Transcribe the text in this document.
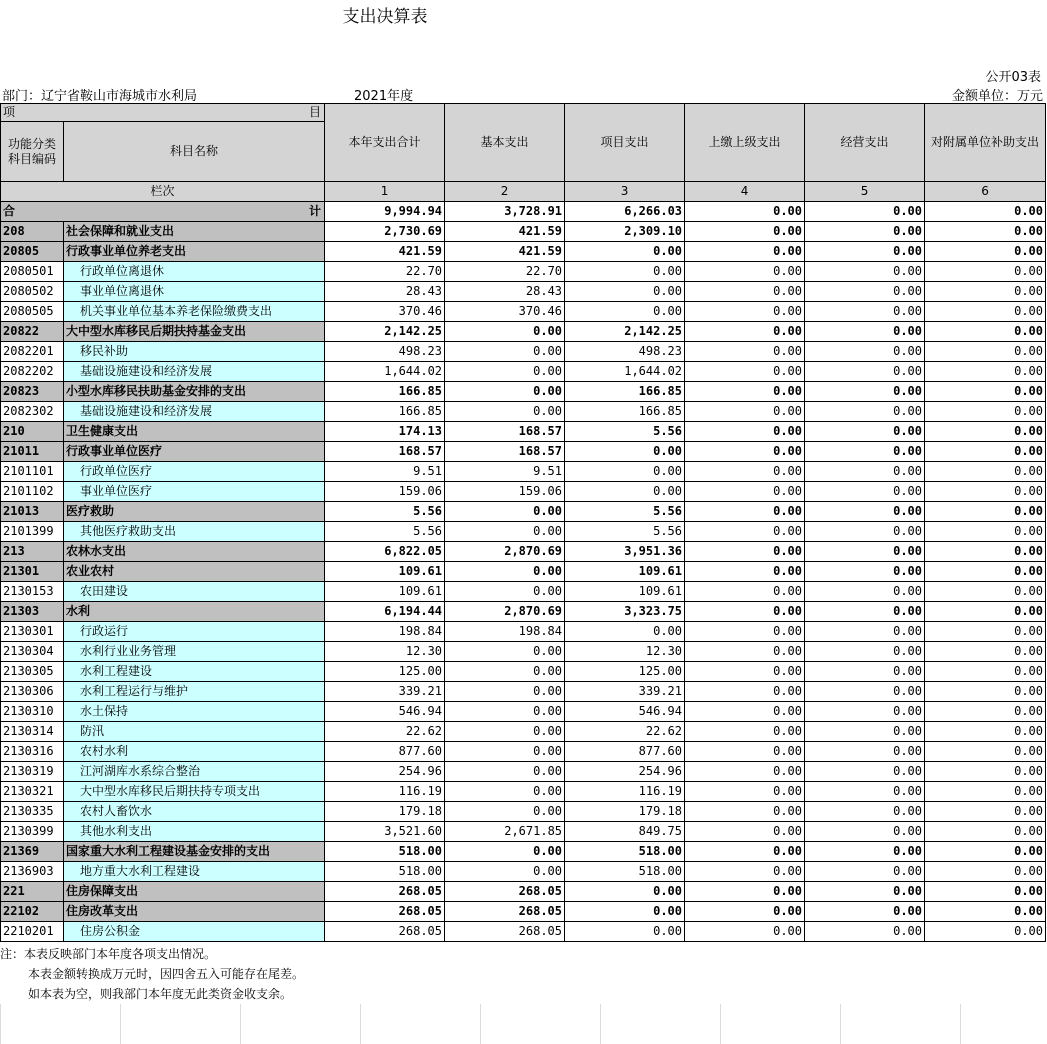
支出决算表
公开03表
部门：辽宁省鞍山市海城市水利局	2021年度	金额单位：万元
项 目		本年支出合计	基本支出	项目支出	上缴上级支出	经营支出	对附属单位补助支出
功能分类科目编码	科目名称						
栏次		1	2	3	4	5	6
合 计		9,994.94	3,728.91	6,266.03	0.00	0.00	0.00
208	社会保障和就业支出	2,730.69	421.59	2,309.10	0.00	0.00	0.00
20805	行政事业单位养老支出	421.59	421.59	0.00	0.00	0.00	0.00
2080501	行政单位离退休	22.70	22.70	0.00	0.00	0.00	0.00
2080502	事业单位离退休	28.43	28.43	0.00	0.00	0.00	0.00
2080505	机关事业单位基本养老保险缴费支出	370.46	370.46	0.00	0.00	0.00	0.00
20822	大中型水库移民后期扶持基金支出	2,142.25	0.00	2,142.25	0.00	0.00	0.00
2082201	移民补助	498.23	0.00	498.23	0.00	0.00	0.00
2082202	基础设施建设和经济发展	1,644.02	0.00	1,644.02	0.00	0.00	0.00
20823	小型水库移民扶助基金安排的支出	166.85	0.00	166.85	0.00	0.00	0.00
2082302	基础设施建设和经济发展	166.85	0.00	166.85	0.00	0.00	0.00
210	卫生健康支出	174.13	168.57	5.56	0.00	0.00	0.00
21011	行政事业单位医疗	168.57	168.57	0.00	0.00	0.00	0.00
2101101	行政单位医疗	9.51	9.51	0.00	0.00	0.00	0.00
2101102	事业单位医疗	159.06	159.06	0.00	0.00	0.00	0.00
21013	医疗救助	5.56	0.00	5.56	0.00	0.00	0.00
2101399	其他医疗救助支出	5.56	0.00	5.56	0.00	0.00	0.00
213	农林水支出	6,822.05	2,870.69	3,951.36	0.00	0.00	0.00
21301	农业农村	109.61	0.00	109.61	0.00	0.00	0.00
2130153	农田建设	109.61	0.00	109.61	0.00	0.00	0.00
21303	水利	6,194.44	2,870.69	3,323.75	0.00	0.00	0.00
2130301	行政运行	198.84	198.84	0.00	0.00	0.00	0.00
2130304	水利行业业务管理	12.30	0.00	12.30	0.00	0.00	0.00
2130305	水利工程建设	125.00	0.00	125.00	0.00	0.00	0.00
2130306	水利工程运行与维护	339.21	0.00	339.21	0.00	0.00	0.00
2130310	水土保持	546.94	0.00	546.94	0.00	0.00	0.00
2130314	防汛	22.62	0.00	22.62	0.00	0.00	0.00
2130316	农村水利	877.60	0.00	877.60	0.00	0.00	0.00
2130319	江河湖库水系综合整治	254.96	0.00	254.96	0.00	0.00	0.00
2130321	大中型水库移民后期扶持专项支出	116.19	0.00	116.19	0.00	0.00	0.00
2130335	农村人畜饮水	179.18	0.00	179.18	0.00	0.00	0.00
2130399	其他水利支出	3,521.60	2,671.85	849.75	0.00	0.00	0.00
21369	国家重大水利工程建设基金安排的支出	518.00	0.00	518.00	0.00	0.00	0.00
2136903	地方重大水利工程建设	518.00	0.00	518.00	0.00	0.00	0.00
221	住房保障支出	268.05	268.05	0.00	0.00	0.00	0.00
22102	住房改革支出	268.05	268.05	0.00	0.00	0.00	0.00
2210201	住房公积金	268.05	268.05	0.00	0.00	0.00	0.00
注：本表反映部门本年度各项支出情况。
本表金额转换成万元时，因四舍五入可能存在尾差。
如本表为空，则我部门本年度无此类资金收支余。
